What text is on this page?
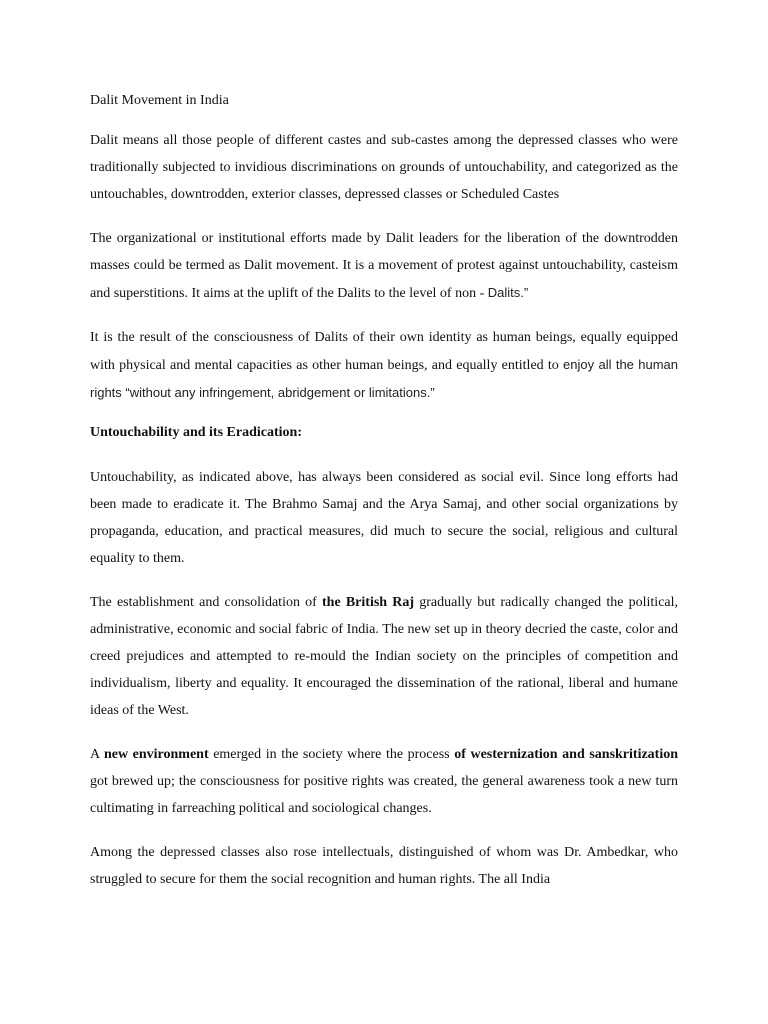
Dalit Movement in India

Dalit means all those people of different castes and sub-castes among the depressed classes who were traditionally subjected to invidious discriminations on grounds of untouchability, and categorized as the untouchables, downtrodden, exterior classes, depressed classes or Scheduled Castes

The organizational or institutional efforts made by Dalit leaders for the liberation of the downtrodden masses could be termed as Dalit movement. It is a movement of protest against untouchability, casteism and superstitions. It aims at the uplift of the Dalits to the level of non - Dalits.”

It is the result of the consciousness of Dalits of their own identity as human beings, equally equipped with physical and mental capacities as other human beings, and equally entitled to enjoy all the human rights “without any infringement, abridgement or limitations.”

Untouchability and its Eradication:

Untouchability, as indicated above, has always been considered as social evil. Since long efforts had been made to eradicate it. The Brahmo Samaj and the Arya Samaj, and other social organizations by propaganda, education, and practical measures, did much to secure the social, religious and cultural equality to them.

The establishment and consolidation of the British Raj gradually but radically changed the political, administrative, economic and social fabric of India. The new set up in theory decried the caste, color and creed prejudices and attempted to re-mould the Indian society on the principles of competition and individualism, liberty and equality. It encouraged the dissemination of the rational, liberal and humane ideas of the West.

A new environment emerged in the society where the process of westernization and sanskritization got brewed up; the consciousness for positive rights was created, the general awareness took a new turn cultimating in farreaching political and sociological changes.

Among the depressed classes also rose intellectuals, distinguished of whom was Dr. Ambedkar, who struggled to secure for them the social recognition and human rights. The all India
